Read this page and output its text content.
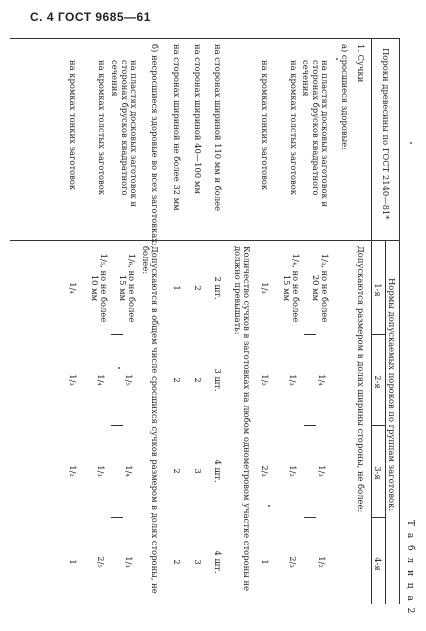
С. 4 ГОСТ 9685—61
Т а б л и ц а 2
Пороки древесины по ГОСТ 2140—81*
Нормы допускаемых пороков по группам заготовок:
1-я
2-я
3-я
4-я
1. Сучки
а) сросшиеся здоровые:
на пластях досковых заготовок и сторонах брусков квадратного сечения
на кромках толстых заготовок
на кромках тонких заготовок
на сторонах шириной 110 мм и более
на сторонах шириной 40—100 мм
на сторонах шириной не более 32 мм
б) несросшиеся здоровые во всех заготовках:
на пластях досковых заготовок и сторонах брусков квадратного сечения
на кромках толстых заготовок
на кромках тонких заготовок
Допускаются размером в долях ширины стороны, не более:
Количество сучков в заготовках на любом однометровом участке стороны не должно превышать:
Допускаются в общем числе сросшихся сучков размером в долях стороны, не более:	1/₃, но не более 20 мм
1/₄
1/₃
1/₂
1/₄, но не более 15 мм
1/₃
1/₂
2/₃
1/₃
1/₂
2/₃
1
2 шт.
3 шт.
4 шт.
4 шт.
2
2
3
3
1
2
2
2
1/₆, но не более 15 мм
1/₅
1/₄
1/₃
1/₅, но не более 10 мм
1/₄
1/₃
2/₅
1/₄
1/₃
1/₂
1
